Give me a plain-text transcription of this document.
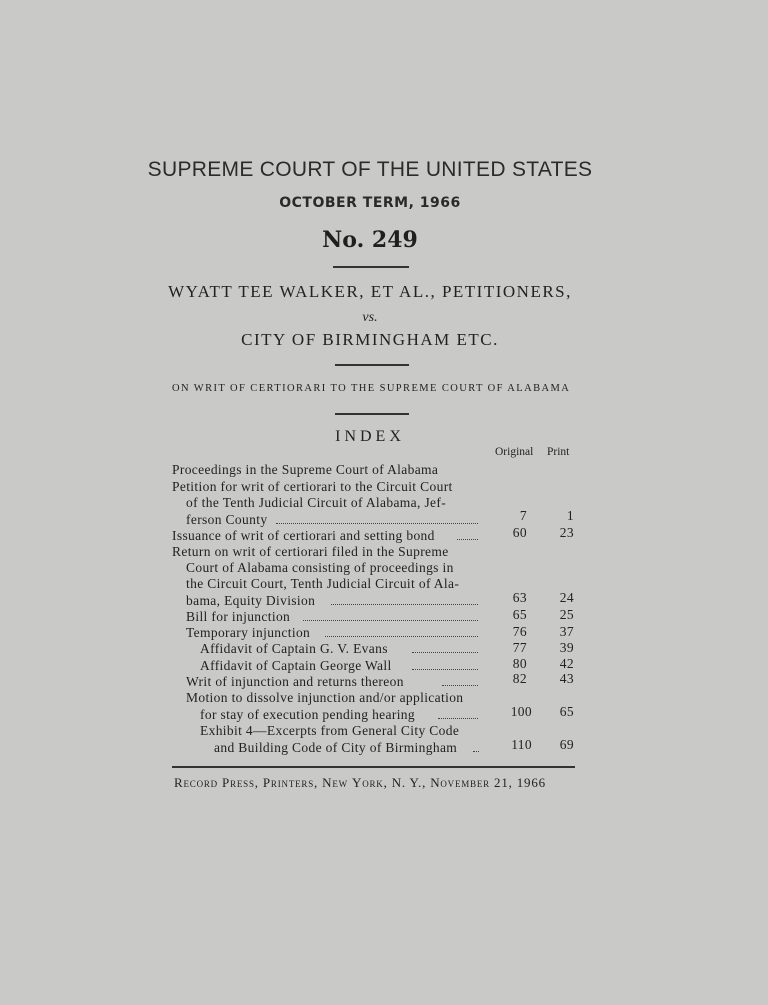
SUPREME COURT OF THE UNITED STATES
OCTOBER TERM, 1966
No. 249
WYATT TEE WALKER, ET AL., PETITIONERS,
vs.
CITY OF BIRMINGHAM ETC.
ON WRIT OF CERTIORARI TO THE SUPREME COURT OF ALABAMA
INDEX
Original Print
Proceedings in the Supreme Court of Alabama
Petition for writ of certiorari to the Circuit Court
of the Tenth Judicial Circuit of Alabama, Jef-
ferson County	7	1
Issuance of writ of certiorari and setting bond	60	23
Return on writ of certiorari filed in the Supreme
Court of Alabama consisting of proceedings in
the Circuit Court, Tenth Judicial Circuit of Ala-
bama, Equity Division	63	24
Bill for injunction	65	25
Temporary injunction	76	37
Affidavit of Captain G. V. Evans	77	39
Affidavit of Captain George Wall	80	42
Writ of injunction and returns thereon	82	43
Motion to dissolve injunction and/or application
for stay of execution pending hearing	100	65
Exhibit 4—Excerpts from General City Code
and Building Code of City of Birmingham	110	69
Record Press, Printers, New York, N. Y., November 21, 1966
